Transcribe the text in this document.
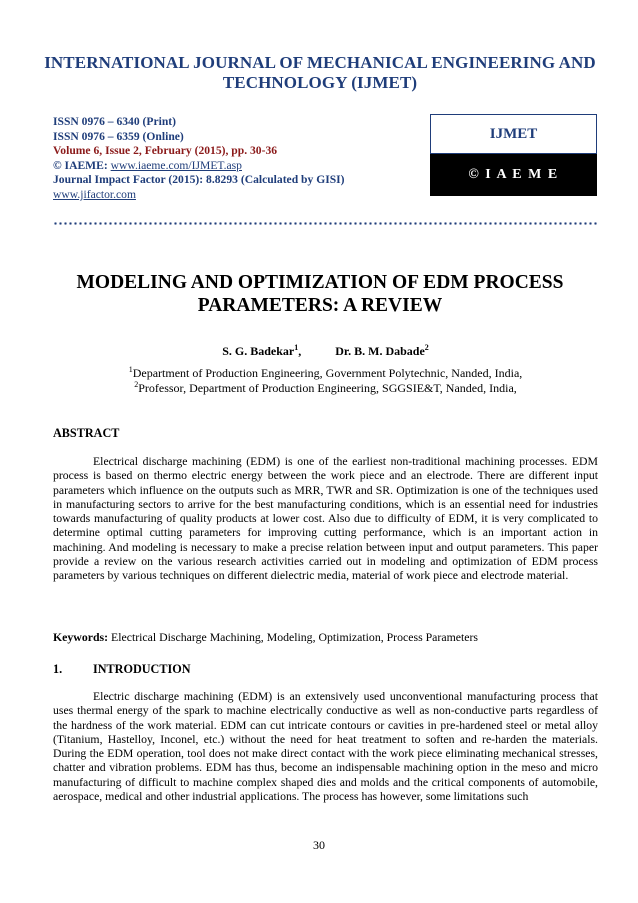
INTERNATIONAL JOURNAL OF MECHANICAL ENGINEERING AND
TECHNOLOGY (IJMET)
ISSN 0976 – 6340 (Print)
ISSN 0976 – 6359 (Online)
Volume 6, Issue 2, February (2015), pp. 30-36
© IAEME: www.iaeme.com/IJMET.asp
Journal Impact Factor (2015): 8.8293 (Calculated by GISI)
www.jifactor.com
IJMET
© I A E M E
MODELING AND OPTIMIZATION OF EDM PROCESS
PARAMETERS: A REVIEW
S. G. Badekar$^1$,	Dr. B. M. Dabade$^2$
$^1$Department of Production Engineering, Government Polytechnic, Nanded, India,
$^2$Professor, Department of Production Engineering, SGGSIE&T, Nanded, India,
ABSTRACT
Electrical discharge machining (EDM) is one of the earliest non-traditional machining processes. EDM process is based on thermo electric energy between the work piece and an electrode. There are different input parameters which influence on the outputs such as MRR, TWR and SR. Optimization is one of the techniques used in manufacturing sectors to arrive for the best manufacturing conditions, which is an essential need for industries towards manufacturing of quality products at lower cost. Also due to difficulty of EDM, it is very complicated to determine optimal cutting parameters for improving cutting performance, which is an important action in machining. And modeling is necessary to make a precise relation between input and output parameters. This paper provide a review on the various research activities carried out in modeling and optimization of EDM process parameters by various techniques on different dielectric media, material of work piece and electrode material.
Keywords: Electrical Discharge Machining, Modeling, Optimization, Process Parameters
1.	INTRODUCTION
Electric discharge machining (EDM) is an extensively used unconventional manufacturing process that uses thermal energy of the spark to machine electrically conductive as well as non-conductive parts regardless of the hardness of the work material. EDM can cut intricate contours or cavities in pre-hardened steel or metal alloy (Titanium, Hastelloy, Inconel, etc.) without the need for heat treatment to soften and re-harden the materials. During the EDM operation, tool does not make direct contact with the work piece eliminating mechanical stresses, chatter and vibration problems. EDM has thus, become an indispensable machining option in the meso and micro manufacturing of difficult to machine complex shaped dies and molds and the critical components of automobile, aerospace, medical and other industrial applications. The process has however, some limitations such
30
